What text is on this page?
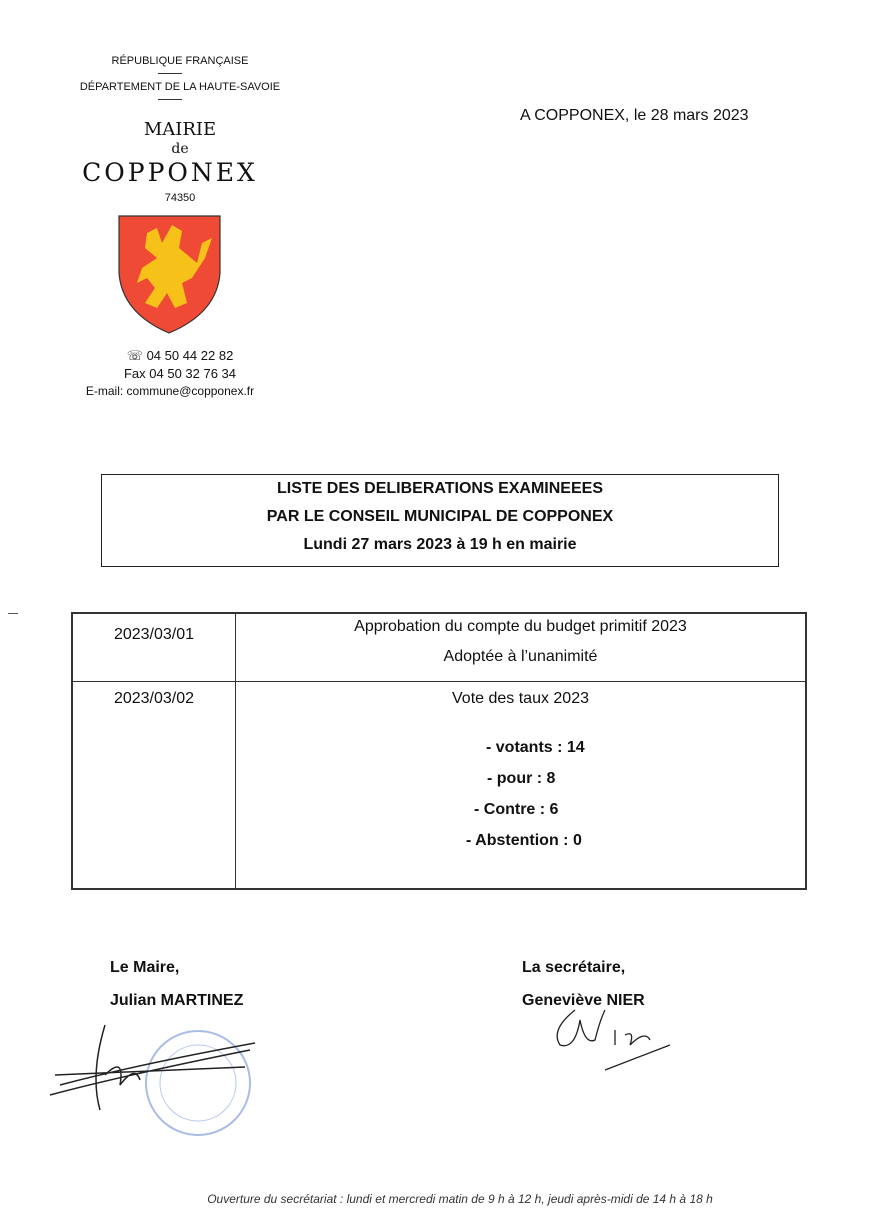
RÉPUBLIQUE FRANÇAISE
DÉPARTEMENT DE LA HAUTE-SAVOIE
MAIRIE
de
COPPONEX
74350
☏ 04 50 44 22 82
Fax 04 50 32 76 34
E-mail: commune@copponex.fr
A COPPONEX, le 28 mars 2023
LISTE DES DELIBERATIONS EXAMINEEES
PAR LE CONSEIL MUNICIPAL DE COPPONEX
Lundi 27 mars 2023 à 19 h en mairie
2023/03/01	Approbation du compte du budget primitif 2023
Adoptée à l’unanimité

2023/03/02	Vote des taux 2023
- votants : 14
- pour : 8
- Contre : 6
- Abstention : 0
Le Maire,
Julian MARTINEZ
La secrétaire,
Geneviève NIER
Ouverture du secrétariat : lundi et mercredi matin de 9 h à 12 h, jeudi après-midi de 14 h à 18 h
